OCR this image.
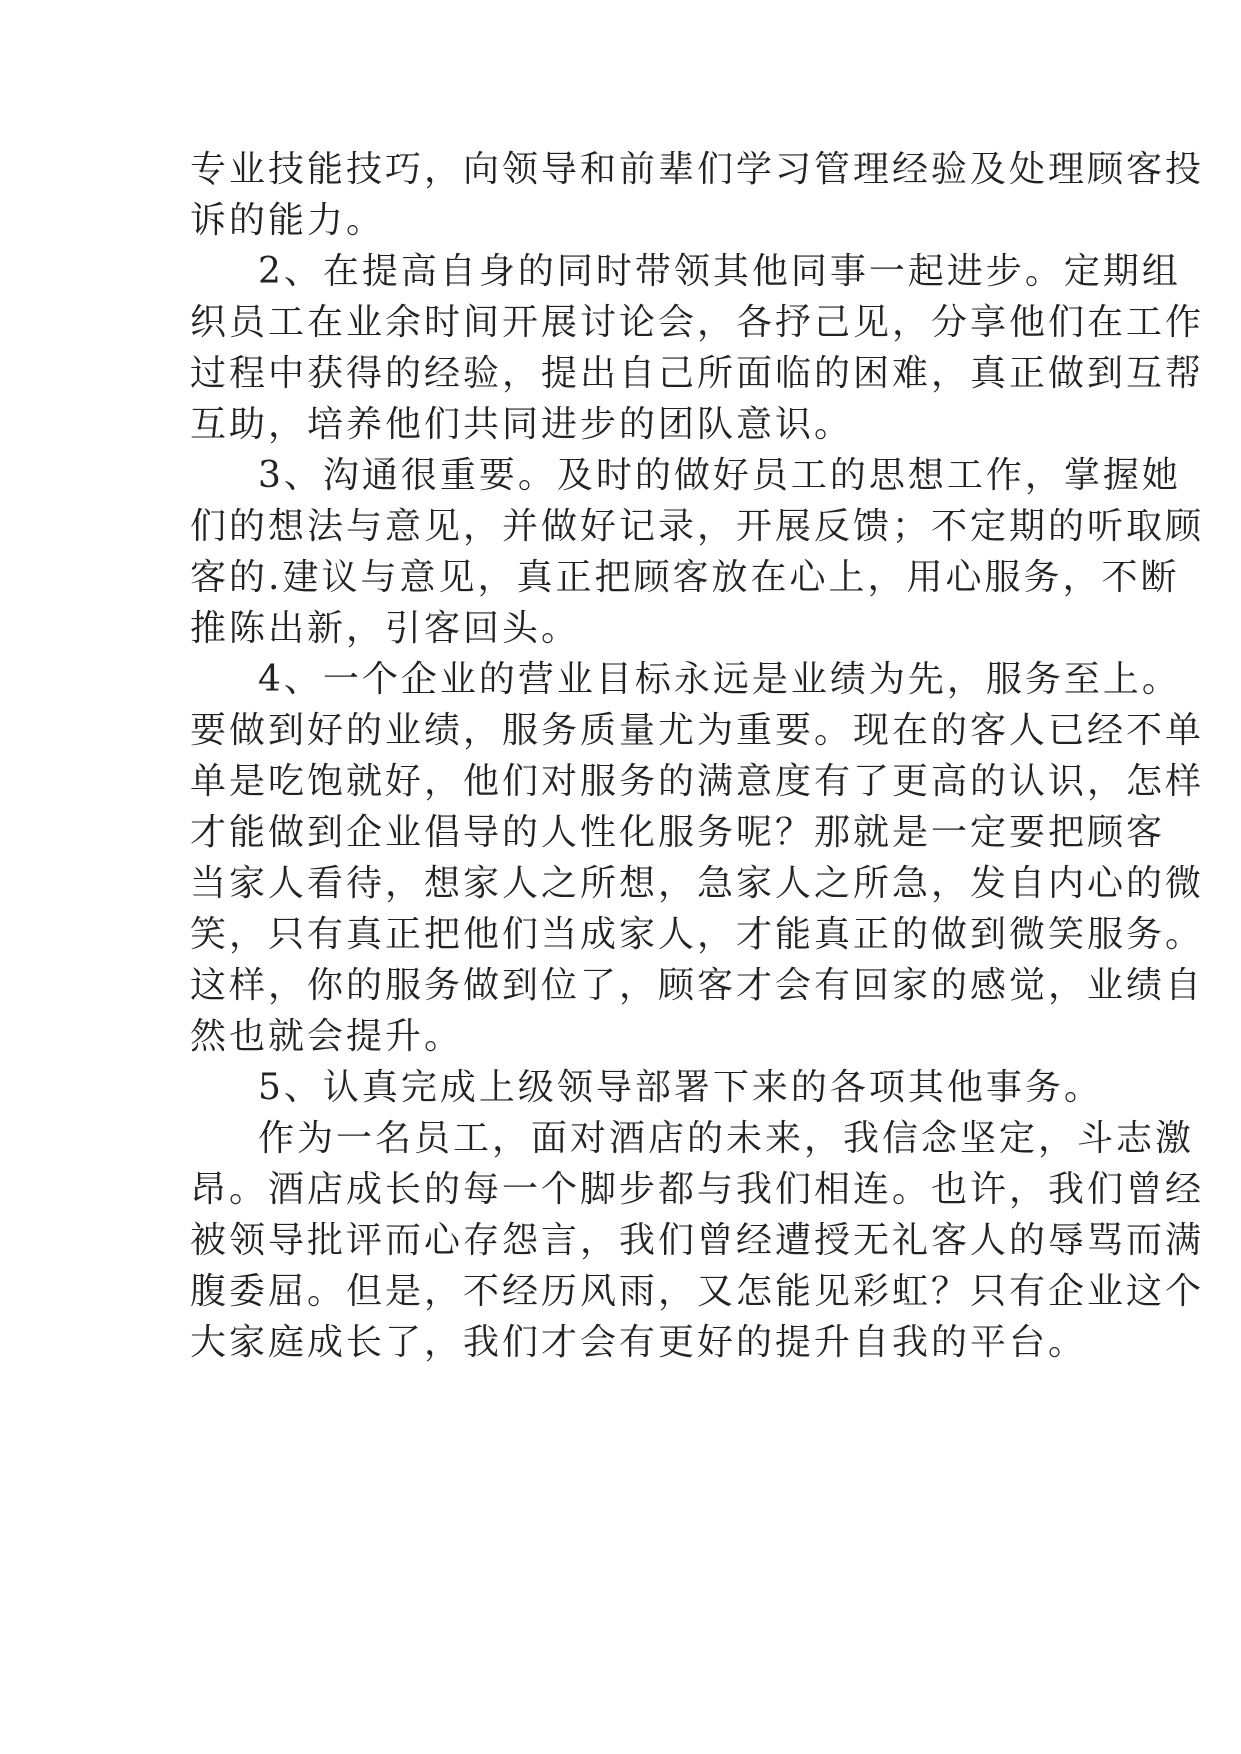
专业技能技巧，向领导和前辈们学习管理经验及处理顾客投
诉的能力。
2、在提高自身的同时带领其他同事一起进步。定期组
织员工在业余时间开展讨论会，各抒己见，分享他们在工作
过程中获得的经验，提出自己所面临的困难，真正做到互帮
互助，培养他们共同进步的团队意识。
3、沟通很重要。及时的做好员工的思想工作，掌握她
们的想法与意见，并做好记录，开展反馈；不定期的听取顾
客的.建议与意见，真正把顾客放在心上，用心服务，不断
推陈出新，引客回头。
4、一个企业的营业目标永远是业绩为先，服务至上。
要做到好的业绩，服务质量尤为重要。现在的客人已经不单
单是吃饱就好，他们对服务的满意度有了更高的认识，怎样
才能做到企业倡导的人性化服务呢？那就是一定要把顾客
当家人看待，想家人之所想，急家人之所急，发自内心的微
笑，只有真正把他们当成家人，才能真正的做到微笑服务。
这样，你的服务做到位了，顾客才会有回家的感觉，业绩自
然也就会提升。
5、认真完成上级领导部署下来的各项其他事务。
作为一名员工，面对酒店的未来，我信念坚定，斗志激
昂。酒店成长的每一个脚步都与我们相连。也许，我们曾经
被领导批评而心存怨言，我们曾经遭授无礼客人的辱骂而满
腹委屈。但是，不经历风雨，又怎能见彩虹？只有企业这个
大家庭成长了，我们才会有更好的提升自我的平台。
